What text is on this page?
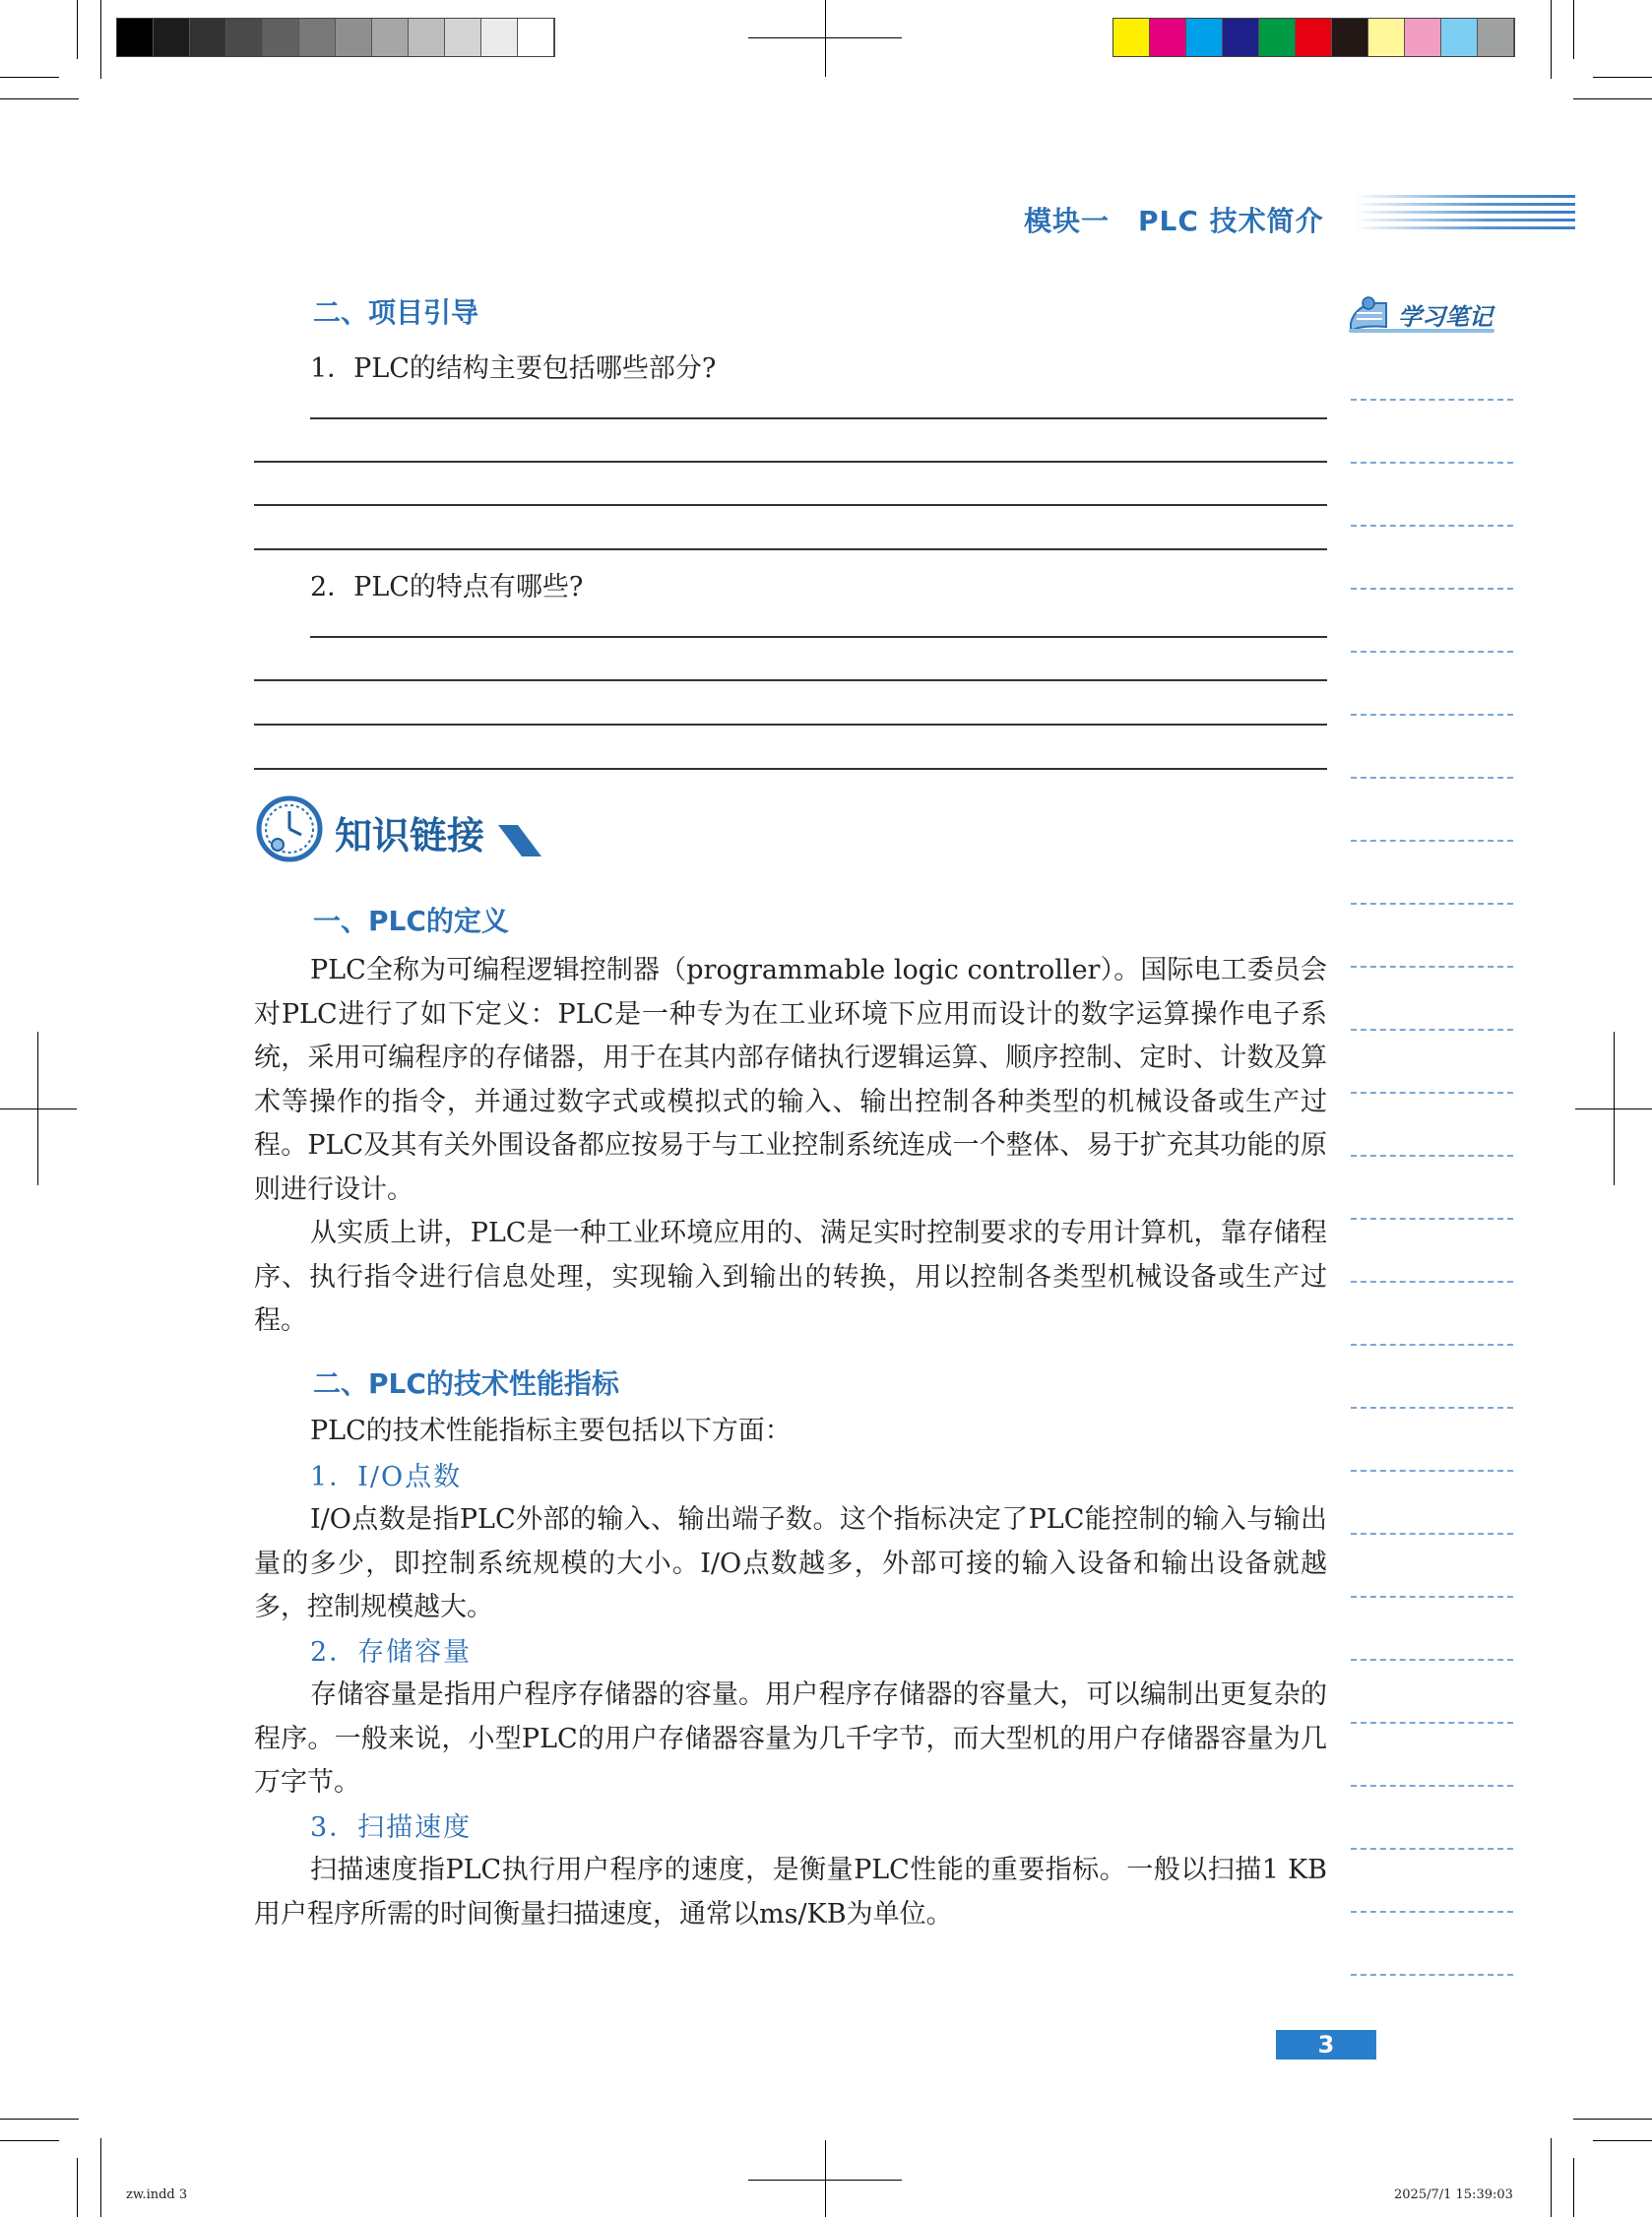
模块一　PLC 技术简介
学习笔记
二、项目引导
1．PLC的结构主要包括哪些部分?
2．PLC的特点有哪些?
知识链接
一、PLC的定义

PLC全称为可编程逻辑控制器（programmable logic controller）。国际电工委员会对PLC进行了如下定义：PLC是一种专为在工业环境下应用而设计的数字运算操作电子系统，采用可编程序的存储器，用于在其内部存储执行逻辑运算、顺序控制、定时、计数及算术等操作的指令，并通过数字式或模拟式的输入、输出控制各种类型的机械设备或生产过程。PLC及其有关外围设备都应按易于与工业控制系统连成一个整体、易于扩充其功能的原则进行设计。

从实质上讲，PLC是一种工业环境应用的、满足实时控制要求的专用计算机，靠存储程序、执行指令进行信息处理，实现输入到输出的转换，用以控制各类型机械设备或生产过程。

二、PLC的技术性能指标

PLC的技术性能指标主要包括以下方面：

1．I/O点数

I/O点数是指PLC外部的输入、输出端子数。这个指标决定了PLC能控制的输入与输出量的多少，即控制系统规模的大小。I/O点数越多，外部可接的输入设备和输出设备就越多，控制规模越大。

2．存储容量

存储容量是指用户程序存储器的容量。用户程序存储器的容量大，可以编制出更复杂的程序。一般来说，小型PLC的用户存储器容量为几千字节，而大型机的用户存储器容量为几万字节。

3．扫描速度

扫描速度指PLC执行用户程序的速度，是衡量PLC性能的重要指标。一般以扫描1 KB用户程序所需的时间衡量扫描速度，通常以ms/KB为单位。

3
zw.indd 3	2025/7/1 15:39:03
